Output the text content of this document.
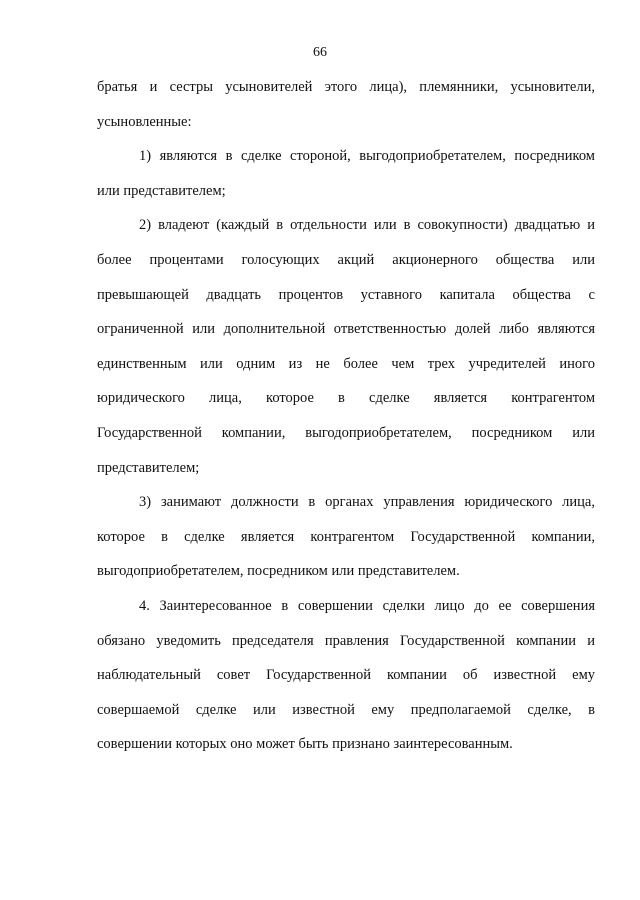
66
братья и сестры усыновителей этого лица), племянники, усыновители,
усыновленные:
1) являются в сделке стороной, выгодоприобретателем, посредником
или представителем;
2) владеют (каждый в отдельности или в совокупности) двадцатью и
более процентами голосующих акций акционерного общества или
превышающей двадцать процентов уставного капитала общества с
ограниченной или дополнительной ответственностью долей либо являются
единственным или одним из не более чем трех учредителей иного
юридического лица, которое в сделке является контрагентом
Государственной компании, выгодоприобретателем, посредником или
представителем;
3) занимают должности в органах управления юридического лица,
которое в сделке является контрагентом Государственной компании,
выгодоприобретателем, посредником или представителем.
4. Заинтересованное в совершении сделки лицо до ее совершения
обязано уведомить председателя правления Государственной компании и
наблюдательный совет Государственной компании об известной ему
совершаемой сделке или известной ему предполагаемой сделке, в
совершении которых оно может быть признано заинтересованным.
